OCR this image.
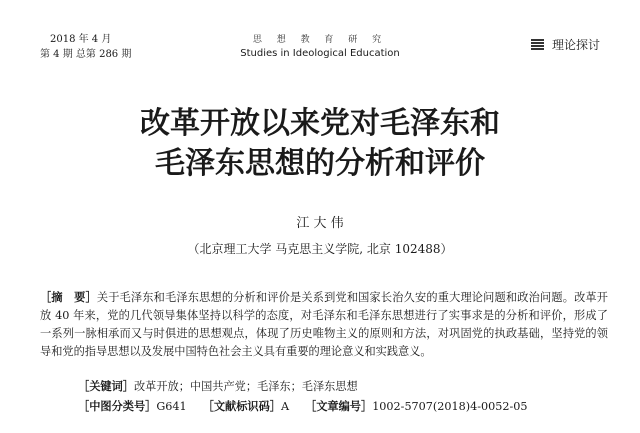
2018 年 4 月
第 4 期 总第 286 期
思 想 教 育 研 究
Studies in Ideological Education
理论探讨
改革开放以来党对毛泽东和
毛泽东思想的分析和评价
江 大 伟
（北京理工大学 马克思主义学院, 北京 102488）

［摘　要］关于毛泽东和毛泽东思想的分析和评价是关系到党和国家长治久安的重大理论问题和政治问题。改革开放 40 年来，党的几代领导集体坚持以科学的态度，对毛泽东和毛泽东思想进行了实事求是的分析和评价，形成了一系列一脉相承而又与时俱进的思想观点，体现了历史唯物主义的原则和方法，对巩固党的执政基础，坚持党的领导和党的指导思想以及发展中国特色社会主义具有重要的理论意义和实践意义。

［关键词］改革开放；中国共产党；毛泽东；毛泽东思想
［中图分类号］G641 ［文献标识码］A ［文章编号］1002-5707(2018)4-0052-05
